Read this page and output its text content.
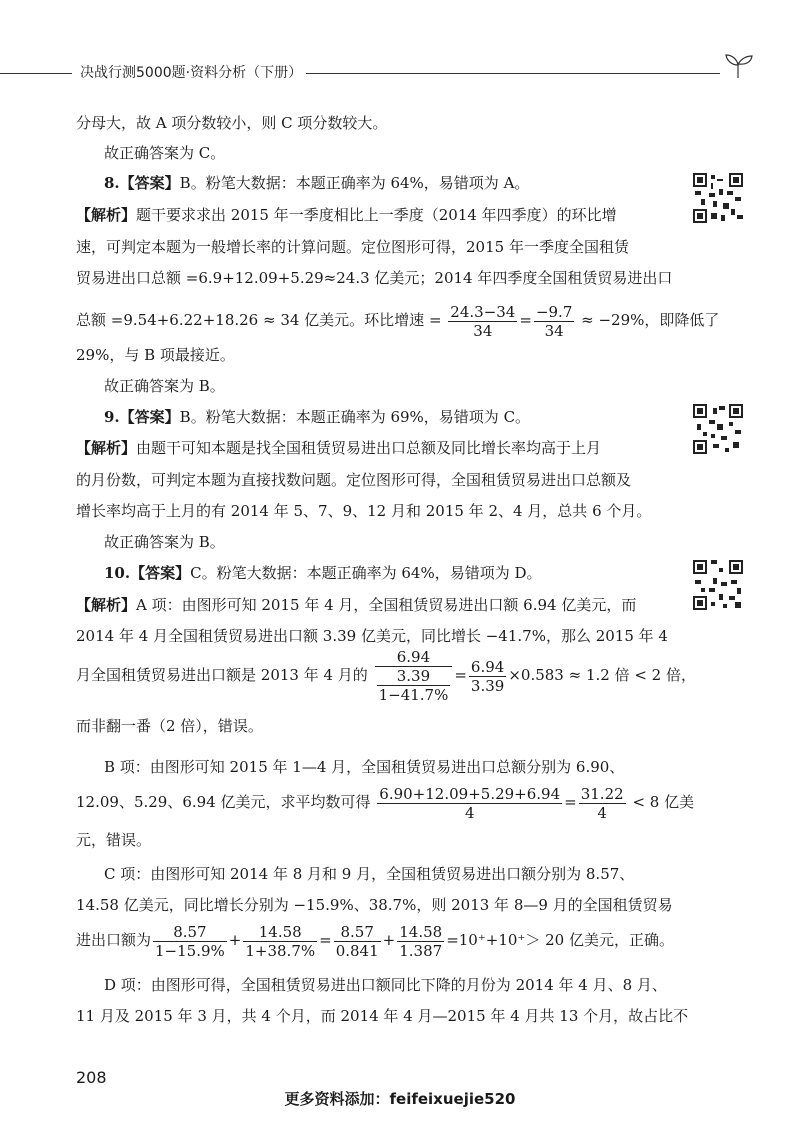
决战行测5000题·资料分析（下册）
分母大，故 A 项分数较小，则 C 项分数较大。
故正确答案为 C。
8.【答案】B。粉笔大数据：本题正确率为 64%，易错项为 A。
【解析】题干要求求出 2015 年一季度相比上一季度（2014 年四季度）的环比增
速，可判定本题为一般增长率的计算问题。定位图形可得，2015 年一季度全国租赁
贸易进出口总额 =6.9+12.09+5.29≈24.3 亿美元；2014 年四季度全国租赁贸易进出口
总额 =9.54+6.22+18.26 ≈ 34 亿美元。环比增速 = $\frac{24.3-34}{34} = \frac{-9.7}{34} \approx -29\%$，即降低了
29%，与 B 项最接近。
故正确答案为 B。
9.【答案】B。粉笔大数据：本题正确率为 69%，易错项为 C。
【解析】由题干可知本题是找全国租赁贸易进出口总额及同比增长率均高于上月
的月份数，可判定本题为直接找数问题。定位图形可得，全国租赁贸易进出口总额及
增长率均高于上月的有 2014 年 5、7、9、12 月和 2015 年 2、4 月，总共 6 个月。
故正确答案为 B。
10.【答案】C。粉笔大数据：本题正确率为 64%，易错项为 D。
【解析】A 项：由图形可知 2015 年 4 月，全国租赁贸易进出口额 6.94 亿美元，而
2014 年 4 月全国租赁贸易进出口额 3.39 亿美元，同比增长 −41.7%，那么 2015 年 4
月全国租赁贸易进出口额是 2013 年 4 月的 $\frac{6.94}{\frac{3.39}{1-41.7\%}} = \frac{6.94}{3.39} \times 0.583 \approx 1.2$ 倍 < 2 倍，
而非翻一番（2 倍），错误。
B 项：由图形可知 2015 年 1—4 月，全国租赁贸易进出口总额分别为 6.90、
12.09、5.29、6.94 亿美元，求平均数可得 $\frac{6.90+12.09+5.29+6.94}{4} = \frac{31.22}{4} < 8$ 亿美
元，错误。
C 项：由图形可知 2014 年 8 月和 9 月，全国租赁贸易进出口额分别为 8.57、
14.58 亿美元，同比增长分别为 −15.9%、38.7%，则 2013 年 8—9 月的全国租赁贸易
进出口额为 $\frac{8.57}{1-15.9\%} + \frac{14.58}{1+38.7\%} = \frac{8.57}{0.841} + \frac{14.58}{1.387} =10^++10^+> 20$ 亿美元，正确。
D 项：由图形可得，全国租赁贸易进出口额同比下降的月份为 2014 年 4 月、8 月、
11 月及 2015 年 3 月，共 4 个月，而 2014 年 4 月—2015 年 4 月共 13 个月，故占比不
208
更多资料添加：feifeixuejie520
